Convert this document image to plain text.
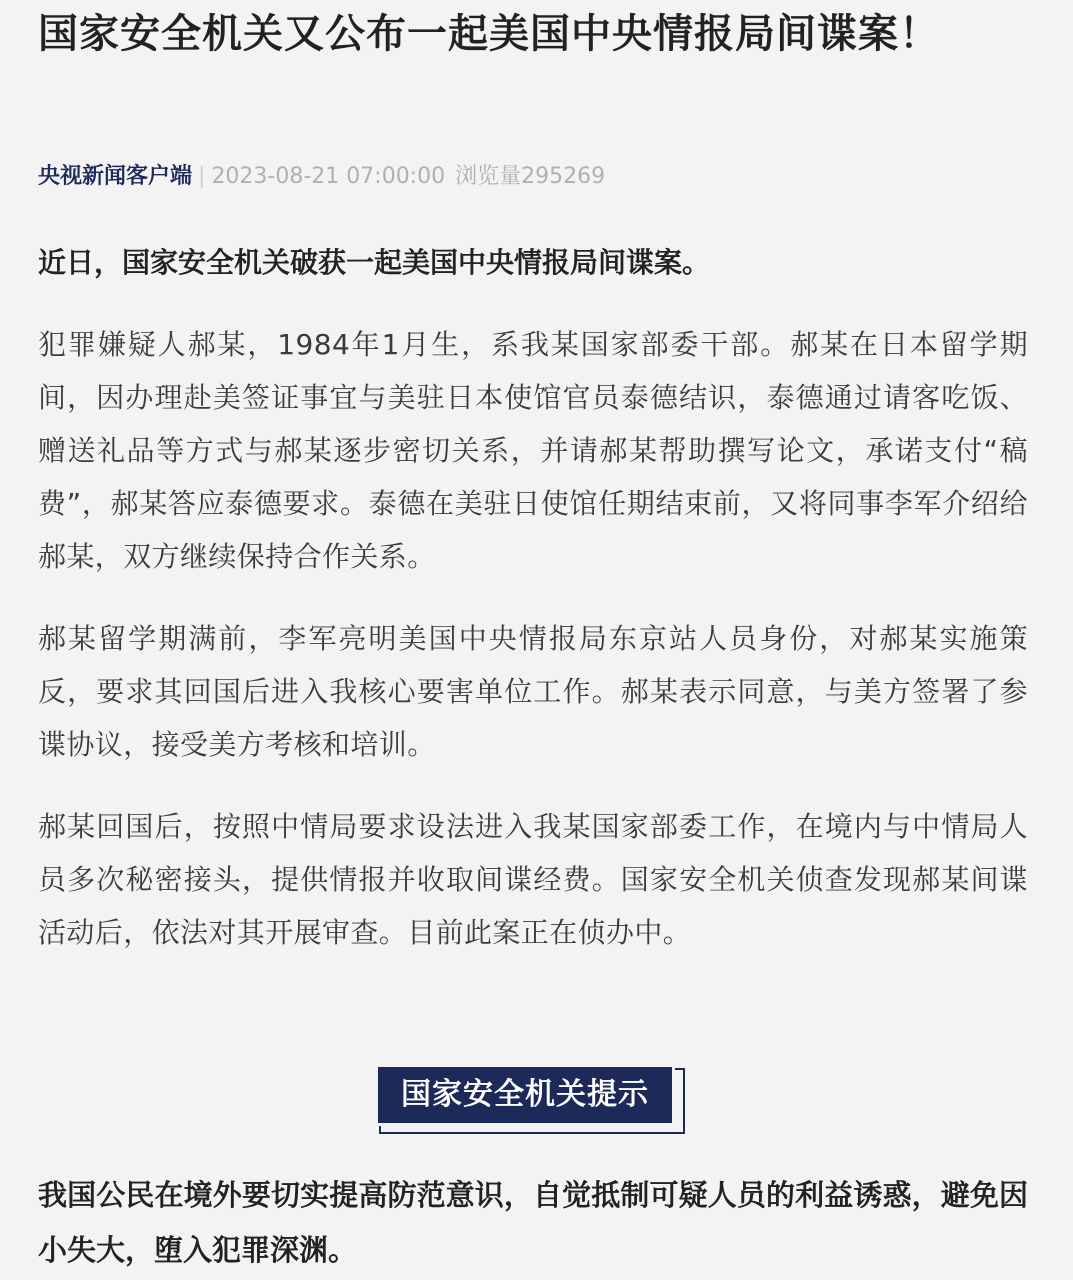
国家安全机关又公布一起美国中央情报局间谍案！
央视新闻客户端 | 2023-08-21 07:00:00 浏览量295269

近日，国家安全机关破获一起美国中央情报局间谍案。

犯罪嫌疑人郝某，1984年1月生，系我某国家部委干部。郝某在日本留学期间，因办理赴美签证事宜与美驻日本使馆官员泰德结识，泰德通过请客吃饭、赠送礼品等方式与郝某逐步密切关系，并请郝某帮助撰写论文，承诺支付“稿费”，郝某答应泰德要求。泰德在美驻日使馆任期结束前，又将同事李军介绍给郝某，双方继续保持合作关系。

郝某留学期满前，李军亮明美国中央情报局东京站人员身份，对郝某实施策反，要求其回国后进入我核心要害单位工作。郝某表示同意，与美方签署了参谍协议，接受美方考核和培训。

郝某回国后，按照中情局要求设法进入我某国家部委工作，在境内与中情局人员多次秘密接头，提供情报并收取间谍经费。国家安全机关侦查发现郝某间谍活动后，依法对其开展审查。目前此案正在侦办中。

国家安全机关提示

我国公民在境外要切实提高防范意识，自觉抵制可疑人员的利益诱惑，避免因小失大，堕入犯罪深渊。
